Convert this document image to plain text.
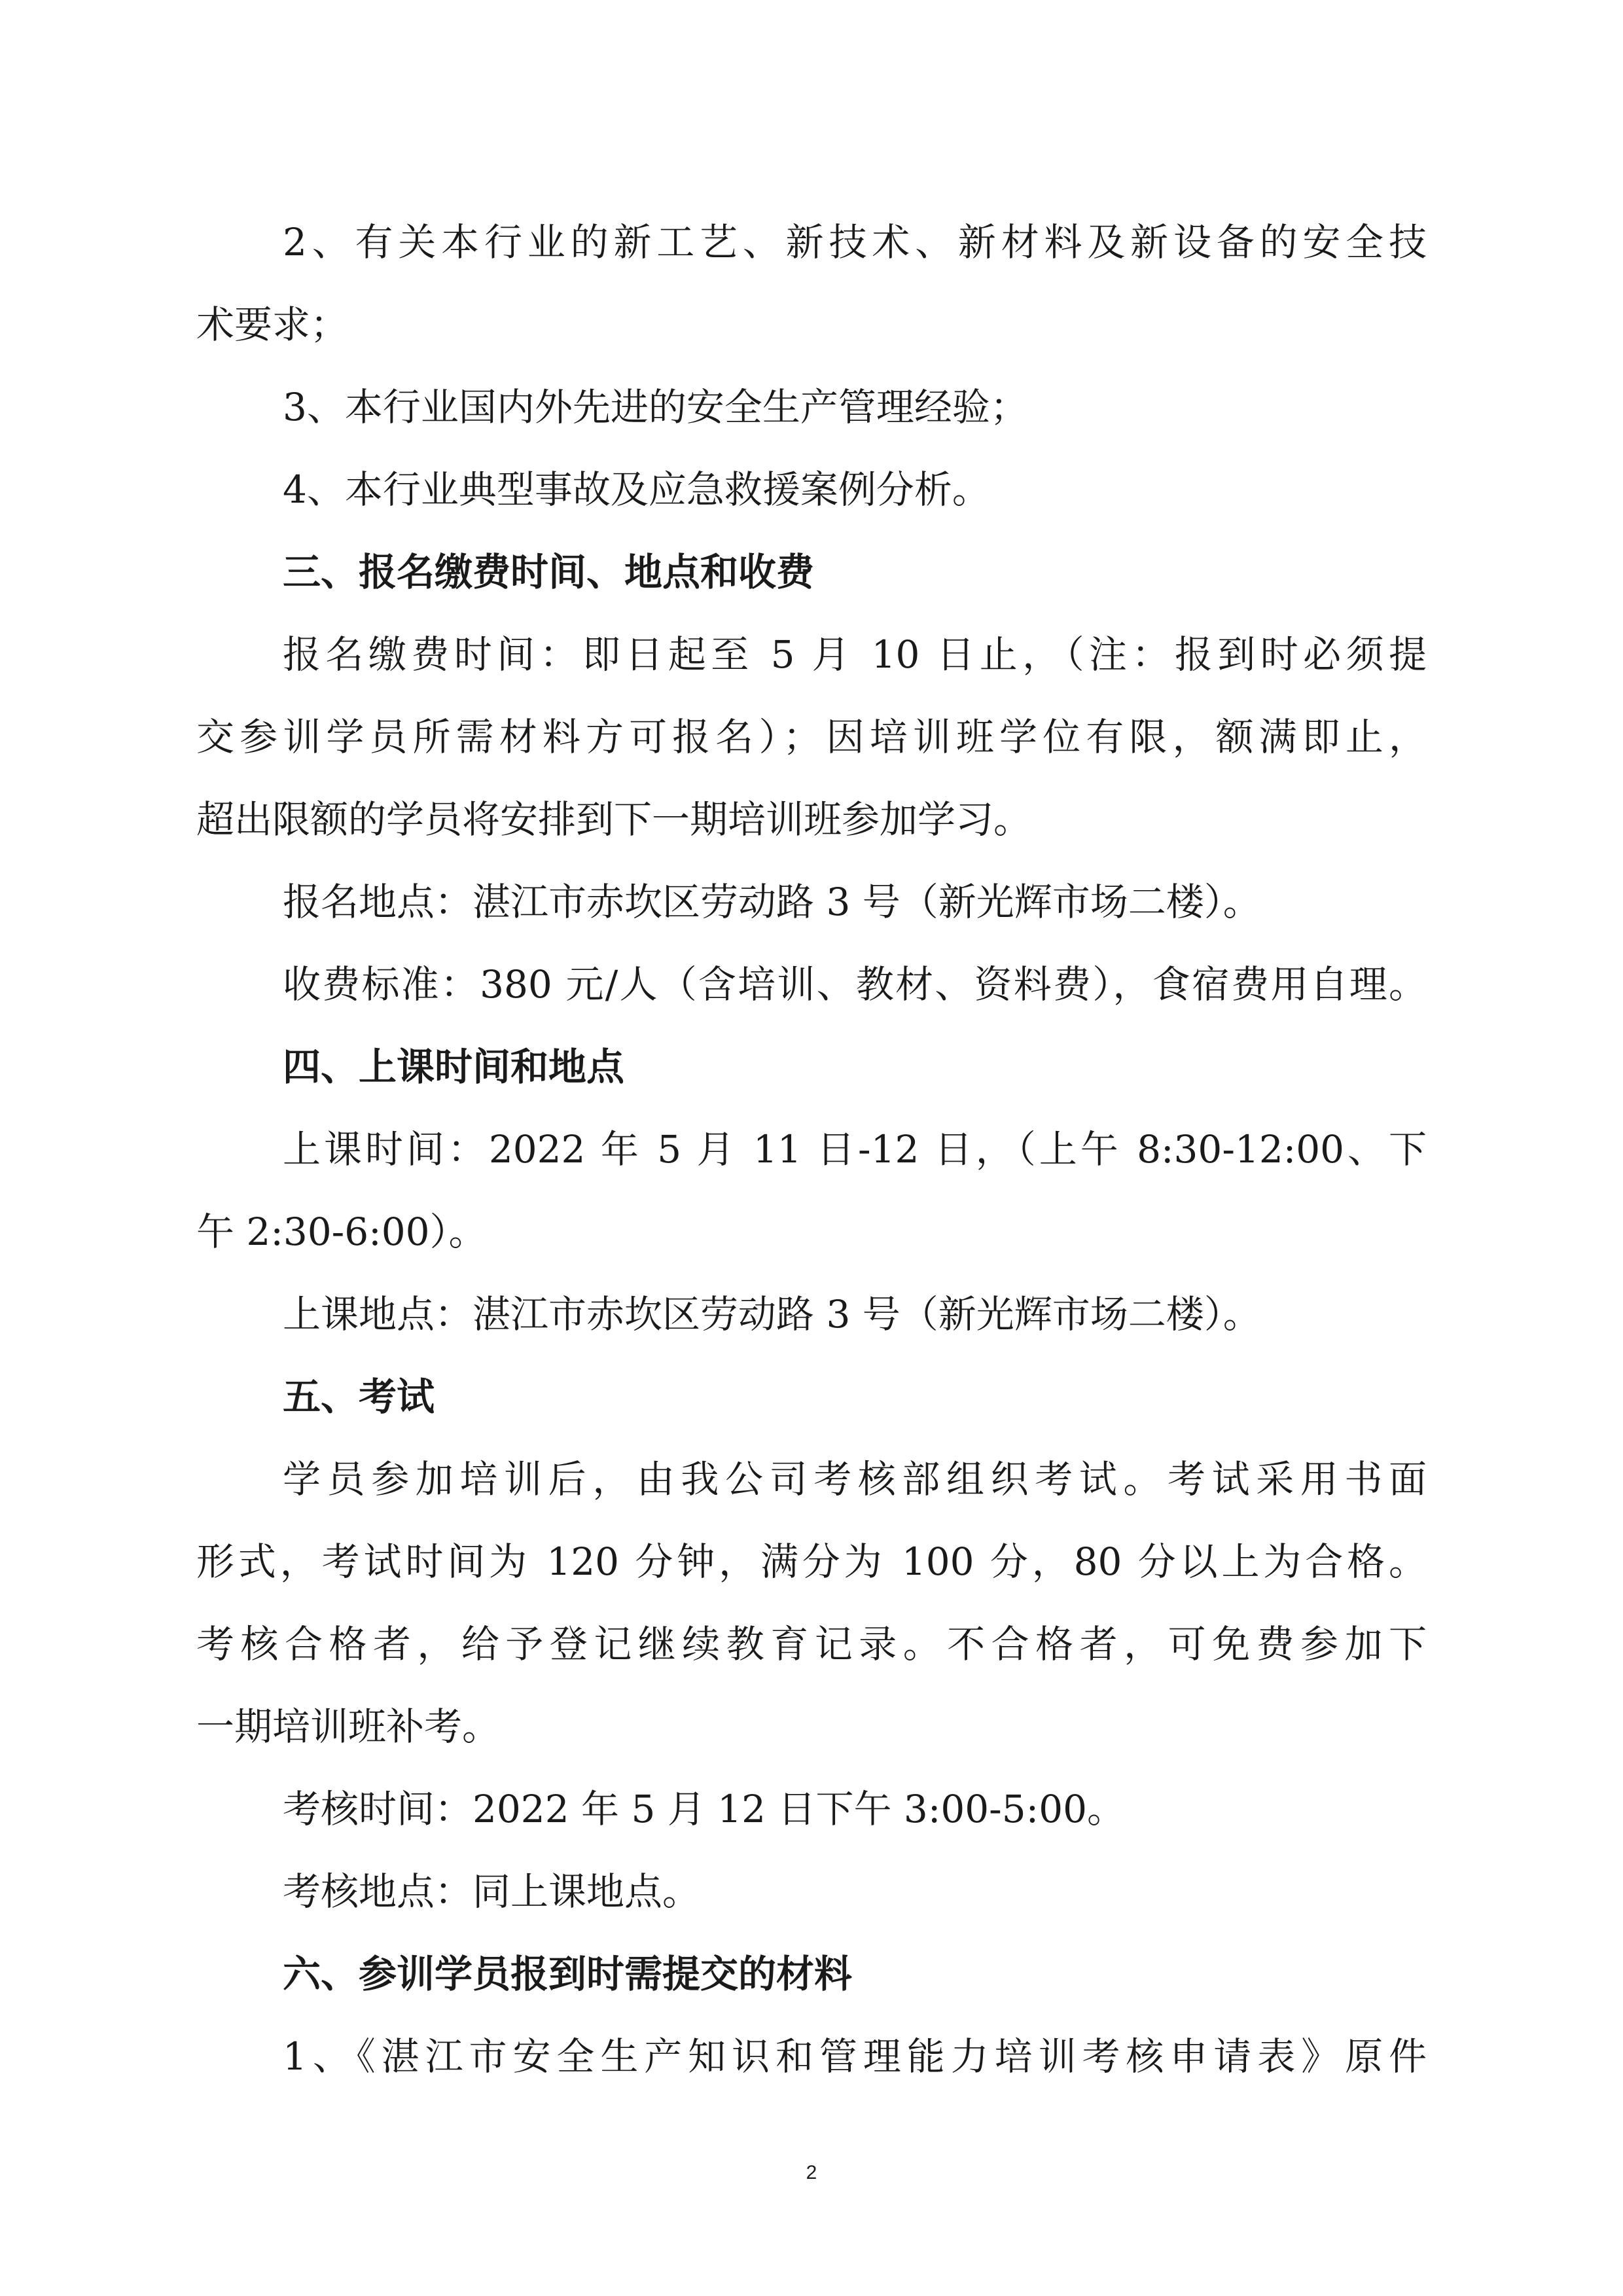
2、有关本行业的新工艺、新技术、新材料及新设备的安全技
术要求；
3、本行业国内外先进的安全生产管理经验；
4、本行业典型事故及应急救援案例分析。
三、报名缴费时间、地点和收费
报名缴费时间：即日起至 5 月 10 日止，（注：报到时必须提
交参训学员所需材料方可报名）；因培训班学位有限，额满即止，
超出限额的学员将安排到下一期培训班参加学习。
报名地点：湛江市赤坎区劳动路 3 号（新光辉市场二楼）。
收费标准：380 元/人（含培训、教材、资料费），食宿费用自理。
四、上课时间和地点
上课时间：2022 年 5 月 11 日-12 日，（上午 8:30-12:00、下
午 2:30-6:00）。
上课地点：湛江市赤坎区劳动路 3 号（新光辉市场二楼）。
五、考试
学员参加培训后，由我公司考核部组织考试。考试采用书面
形式，考试时间为 120 分钟，满分为 100 分，80 分以上为合格。
考核合格者，给予登记继续教育记录。不合格者，可免费参加下
一期培训班补考。
考核时间：2022 年 5 月 12 日下午 3:00-5:00。
考核地点：同上课地点。
六、参训学员报到时需提交的材料
1、《湛江市安全生产知识和管理能力培训考核申请表》原件
2
